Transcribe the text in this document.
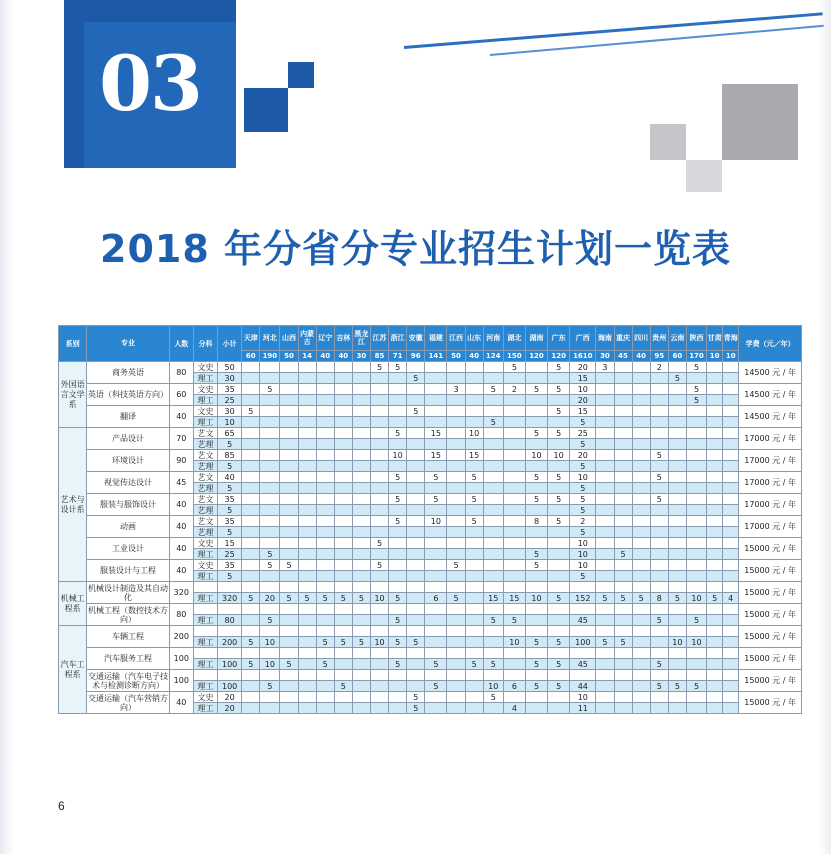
03
2018 年分省分专业招生计划一览表
系别	专业	人数	分科	小计	天津	河北	山西	内蒙古	辽宁	吉林	黑龙江	江苏	浙江	安徽	福建	江西	山东	河南	湖北	湖南	广东	广西	海南	重庆	四川	贵州	云南	陕西	甘肃	青海	学费（元／年）
					60	190	50	14	40	40	30	85	71	96	141	50	40	124	150	120	120	1610	30	45	40	95	60	170	10	10	
外国语言文学系	商务英语	80	文史	50								5	5						5		5	20	3			2		5			14500 元 / 年
			理工	30										5								15					5				
	英语（科技英语方向）	60	文史	35		5										3		5	2	5	5	10						5			14500 元 / 年
			理工	25																		20						5			
	翻译	40	文史	30	5									5							5	15									14500 元 / 年
			理工	10														5				5									
艺术与设计系	产品设计	70	艺文	65									5		15		10			5	5	25									17000 元 / 年
			艺理	5																		5									
	环境设计	90	艺文	85									10		15		15			10	10	20				5					17000 元 / 年
			艺理	5																		5									
	视觉传达设计	45	艺文	40									5		5		5			5	5	10				5					17000 元 / 年
			艺理	5																		5									
	服装与服饰设计	40	艺文	35									5		5		5			5	5	5				5					17000 元 / 年
			艺理	5																		5									
	动画	40	艺文	35									5		10		5			8	5	2									17000 元 / 年
			艺理	5																		5									
	工业设计	40	文史	15								5										10									15000 元 / 年
			理工	25		5														5		10		5							
	服装设计与工程	40	文史	35		5	5					5				5				5		10									15000 元 / 年
			理工	5																		5									
机械工程系	机械设计制造及其自动化	320																													15000 元 / 年
			理工	320	5	20	5	5	5	5	5	10	5		6	5		15	15	10	5	152	5	5	5	8	5	10	5	4	
	机械工程（数控技术方向）	80																													15000 元 / 年
			理工	80		5							5					5	5			45				5		5			
汽车工程系	车辆工程	200																													15000 元 / 年
			理工	200	5	10			5	5	5	10	5	5					10	5	5	100	5	5			10	10			
	汽车服务工程	100																													15000 元 / 年
			理工	100	5	10	5		5				5		5		5	5		5	5	45				5					
	交通运输（汽车电子技术与检测诊断方向）	100																													15000 元 / 年
			理工	100		5				5					5			10	6	5	5	44				5	5	5			
	交通运输（汽车营销方向）	40	文史	20										5				5				10									15000 元 / 年
			理工	20										5					4			11									
6
